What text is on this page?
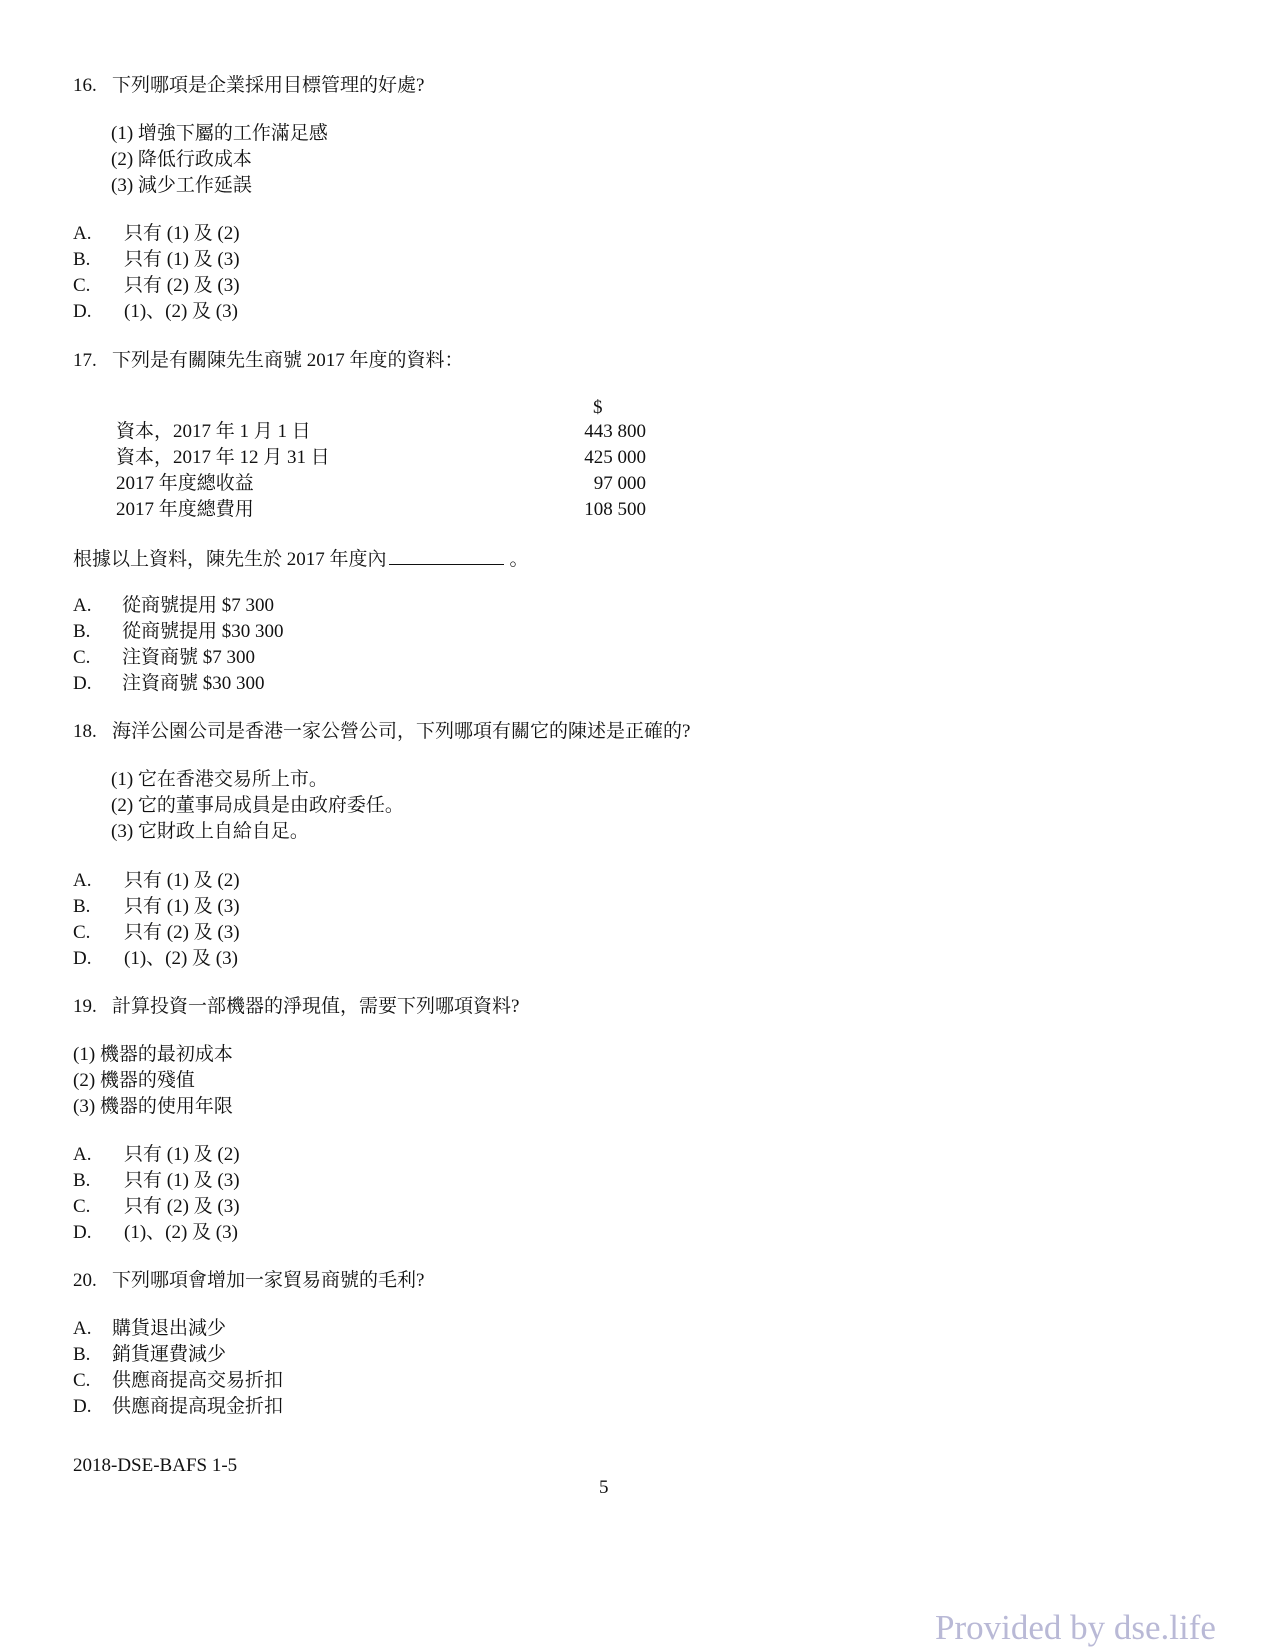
16. 下列哪項是企業採用目標管理的好處?
(1) 增強下屬的工作滿足感
(2) 降低行政成本
(3) 減少工作延誤
A. 只有 (1) 及 (2)
B. 只有 (1) 及 (3)
C. 只有 (2) 及 (3)
D. (1)、(2) 及 (3)
17. 下列是有關陳先生商號 2017 年度的資料：
$
資本，2017 年 1 月 1 日	443 800
資本，2017 年 12 月 31 日	425 000
2017 年度總收益	97 000
2017 年度總費用	108 500
根據以上資料，陳先生於 2017 年度內	。
A. 從商號提用 $7 300
B. 從商號提用 $30 300
C. 注資商號 $7 300
D. 注資商號 $30 300
18. 海洋公園公司是香港一家公營公司，下列哪項有關它的陳述是正確的?
(1) 它在香港交易所上市。
(2) 它的董事局成員是由政府委任。
(3) 它財政上自給自足。
A. 只有 (1) 及 (2)
B. 只有 (1) 及 (3)
C. 只有 (2) 及 (3)
D. (1)、(2) 及 (3)
19. 計算投資一部機器的淨現值，需要下列哪項資料?
(1) 機器的最初成本
(2) 機器的殘值
(3) 機器的使用年限
A. 只有 (1) 及 (2)
B. 只有 (1) 及 (3)
C. 只有 (2) 及 (3)
D. (1)、(2) 及 (3)
20. 下列哪項會增加一家貿易商號的毛利?
A. 購貨退出減少
B. 銷貨運費減少
C. 供應商提高交易折扣
D. 供應商提高現金折扣
2018-DSE-BAFS 1-5
5
Provided by dse.life
